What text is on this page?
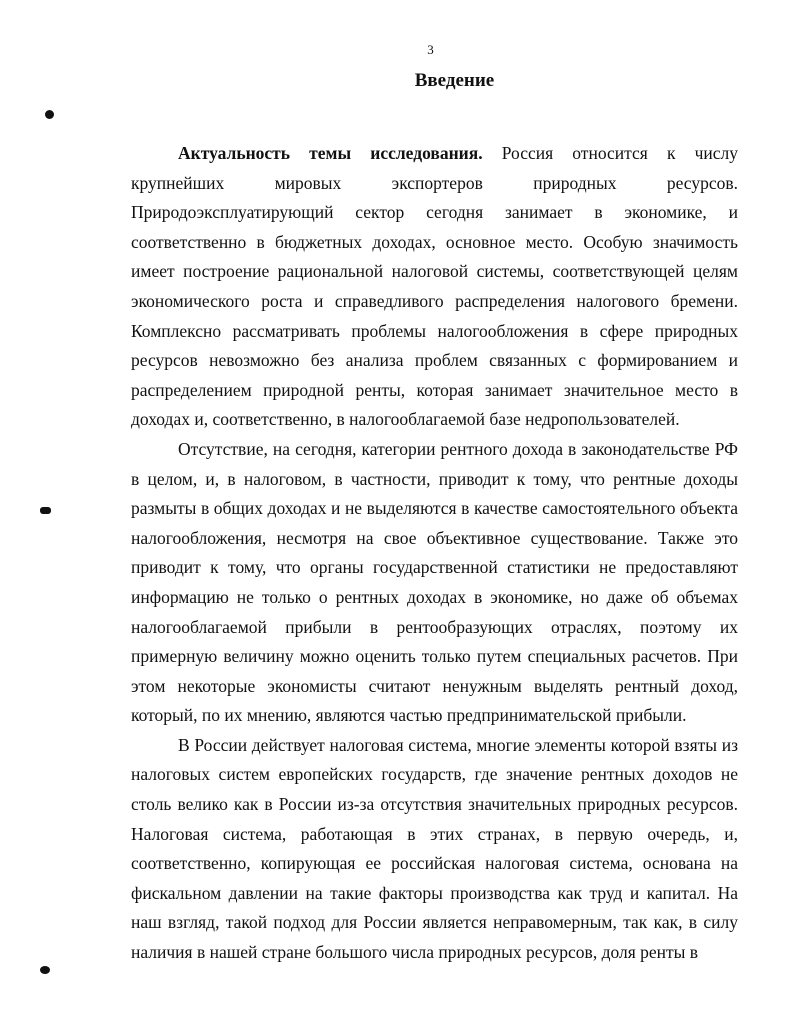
3
Введение

Актуальность темы исследования. Россия относится к числу крупнейших мировых экспортеров природных ресурсов. Природоэксплуатирующий сектор сегодня занимает в экономике, и соответственно в бюджетных доходах, основное место. Особую значимость имеет построение рациональной налоговой системы, соответствующей целям экономического роста и справедливого распределения налогового бремени. Комплексно рассматривать проблемы налогообложения в сфере природных ресурсов невозможно без анализа проблем связанных с формированием и распределением природной ренты, которая занимает значительное место в доходах и, соответственно, в налогооблагаемой базе недропользователей.

Отсутствие, на сегодня, категории рентного дохода в законодательстве РФ в целом, и, в налоговом, в частности, приводит к тому, что рентные доходы размыты в общих доходах и не выделяются в качестве самостоятельного объекта налогообложения, несмотря на свое объективное существование. Также это приводит к тому, что органы государственной статистики не предоставляют информацию не только о рентных доходах в экономике, но даже об объемах налогооблагаемой прибыли в рентообразующих отраслях, поэтому их примерную величину можно оценить только путем специальных расчетов. При этом некоторые экономисты считают ненужным выделять рентный доход, который, по их мнению, являются частью предпринимательской прибыли.

В России действует налоговая система, многие элементы которой взяты из налоговых систем европейских государств, где значение рентных доходов не столь велико как в России из-за отсутствия значительных природных ресурсов. Налоговая система, работающая в этих странах, в первую очередь, и, соответственно, копирующая ее российская налоговая система, основана на фискальном давлении на такие факторы производства как труд и капитал. На наш взгляд, такой подход для России является неправомерным, так как, в силу наличия в нашей стране большого числа природных ресурсов, доля ренты в
